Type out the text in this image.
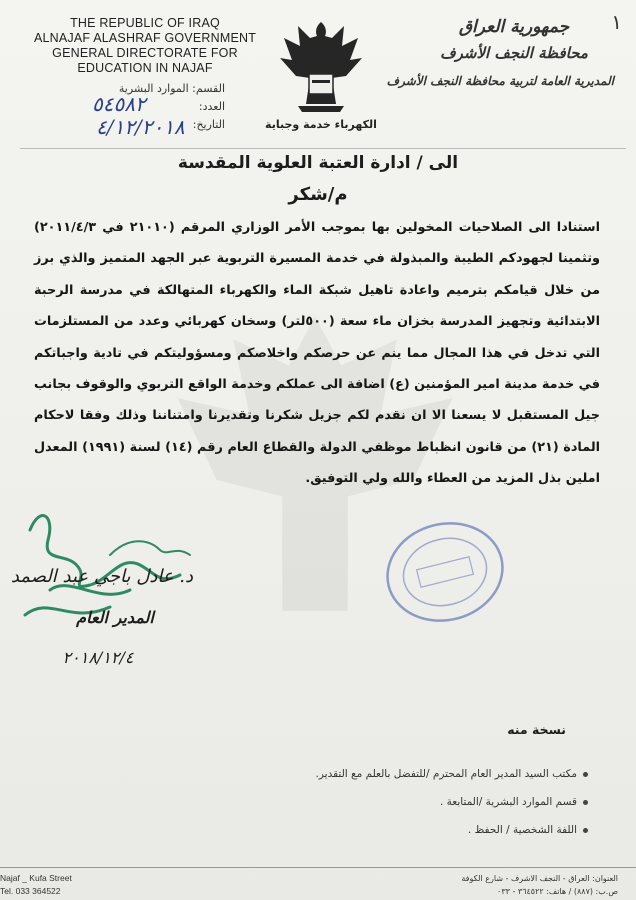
THE REPUBLIC OF IRAQ
ALNAJAF ALASHRAF GOVERNMENT
GENERAL DIRECTORATE FOR
EDUCATION IN NAJAF
القسم: الموارد البشرية
العدد:
التاريخ:
٥٤٥٨٢
٤/١٢/٢٠١٨	الكهرباء خدمة وجباية
١
جمهورية العراق
محافظة النجف الأشرف
المديرية العامة لتربية محافظة النجف الأشرف
الى / ادارة العتبة العلوية المقدسة
م/شكر
استنادا الى الصلاحيات المخولين بها بموجب الأمر الوزاري المرقم (٢١٠١٠ في ٢٠١١/٤/٣) وتثمينا لجهودكم الطيبة والمبذولة في خدمة المسيرة التربوية عبر الجهد المتميز والذي برز من خلال قيامكم بترميم واعادة تاهيل شبكة الماء والكهرباء المتهالكة في مدرسة الرحبة الابتدائية وتجهيز المدرسة بخزان ماء سعة (٥٠٠لتر) وسخان كهربائي وعدد من المستلزمات التي تدخل في هذا المجال مما ينم عن حرصكم واخلاصكم ومسؤوليتكم في تادية واجباتكم في خدمة مدينة امير المؤمنين (ع) اضافة الى عملكم وخدمة الواقع التربوي والوقوف بجانب جيل المستقبل لا يسعنا الا ان نقدم لكم جزيل شكرنا وتقديرنا وامتناننا وذلك وفقا لاحكام المادة (٢١) من قانون انظباط موظفي الدولة والقطاع العام رقم (١٤) لسنة (١٩٩١) المعدل املين بذل المزيد من العطاء والله ولي التوفيق.
د. عادل باجي عبد الصمد
المدير العام
٢٠١٨/١٢/٤
نسخة منه
مكتب السيد المدير العام المحترم /للتفضل بالعلم مع التقدير.
قسم الموارد البشرية /المتابعة .
اللفة الشخصية / الحفظ .
Najaf _ Kufa Street
Tel. 033 364522
العنوان: العراق - النجف الاشرف - شارع الكوفة
ص.ب: (٨٨٧) / هاتف: ٣٦٤٥٢٢ - ٠٣٣
